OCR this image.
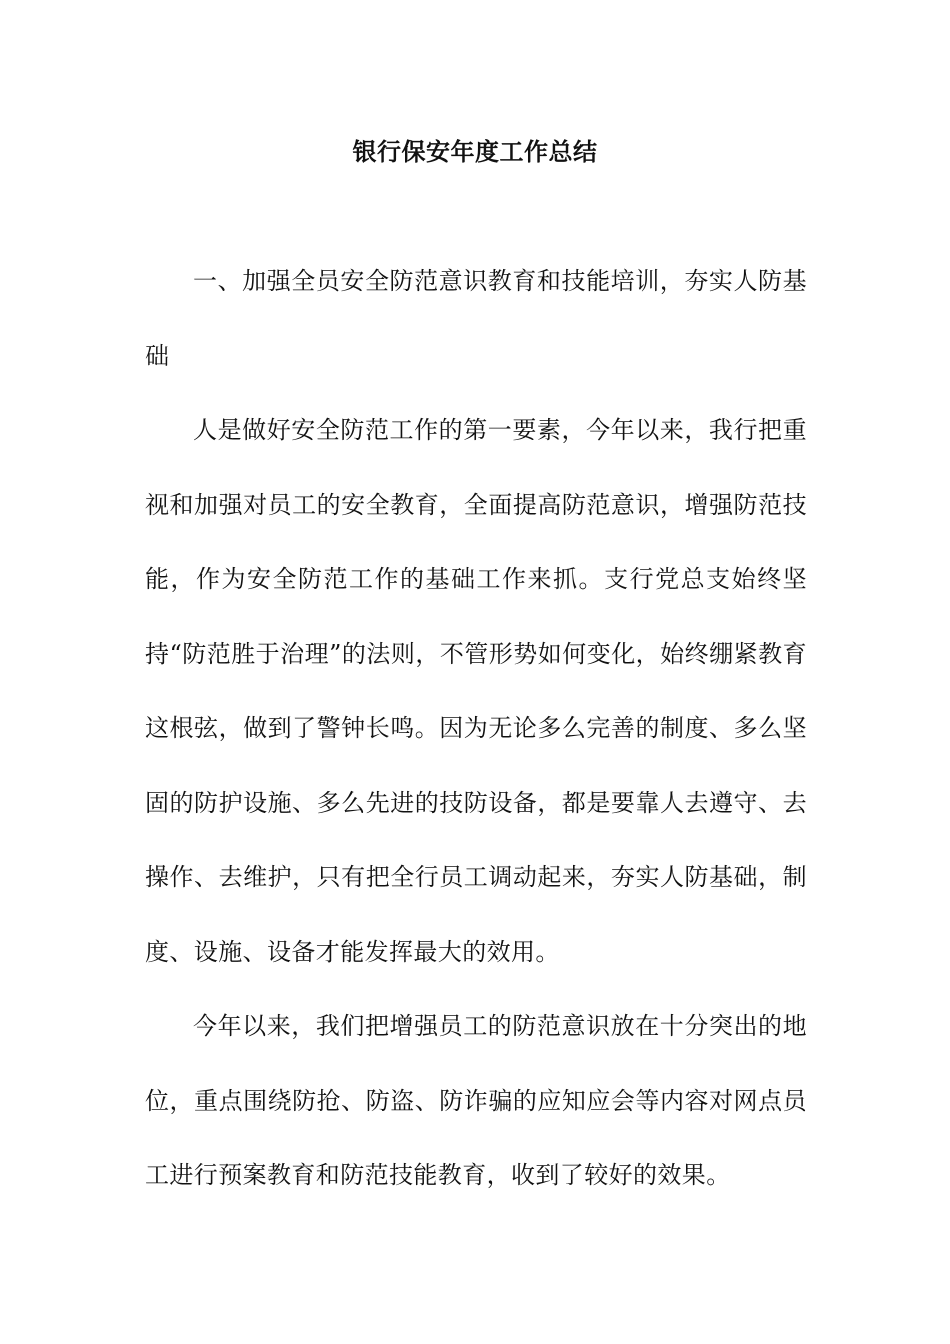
银行保安年度工作总结

一、加强全员安全防范意识教育和技能培训，夯实人防基础

人是做好安全防范工作的第一要素，今年以来，我行把重视和加强对员工的安全教育，全面提高防范意识，增强防范技能，作为安全防范工作的基础工作来抓。支行党总支始终坚持“防范胜于治理”的法则，不管形势如何变化，始终绷紧教育这根弦，做到了警钟长鸣。因为无论多么完善的制度、多么坚固的防护设施、多么先进的技防设备，都是要靠人去遵守、去操作、去维护，只有把全行员工调动起来，夯实人防基础，制度、设施、设备才能发挥最大的效用。

今年以来，我们把增强员工的防范意识放在十分突出的地位，重点围绕防抢、防盗、防诈骗的应知应会等内容对网点员工进行预案教育和防范技能教育，收到了较好的效果。
